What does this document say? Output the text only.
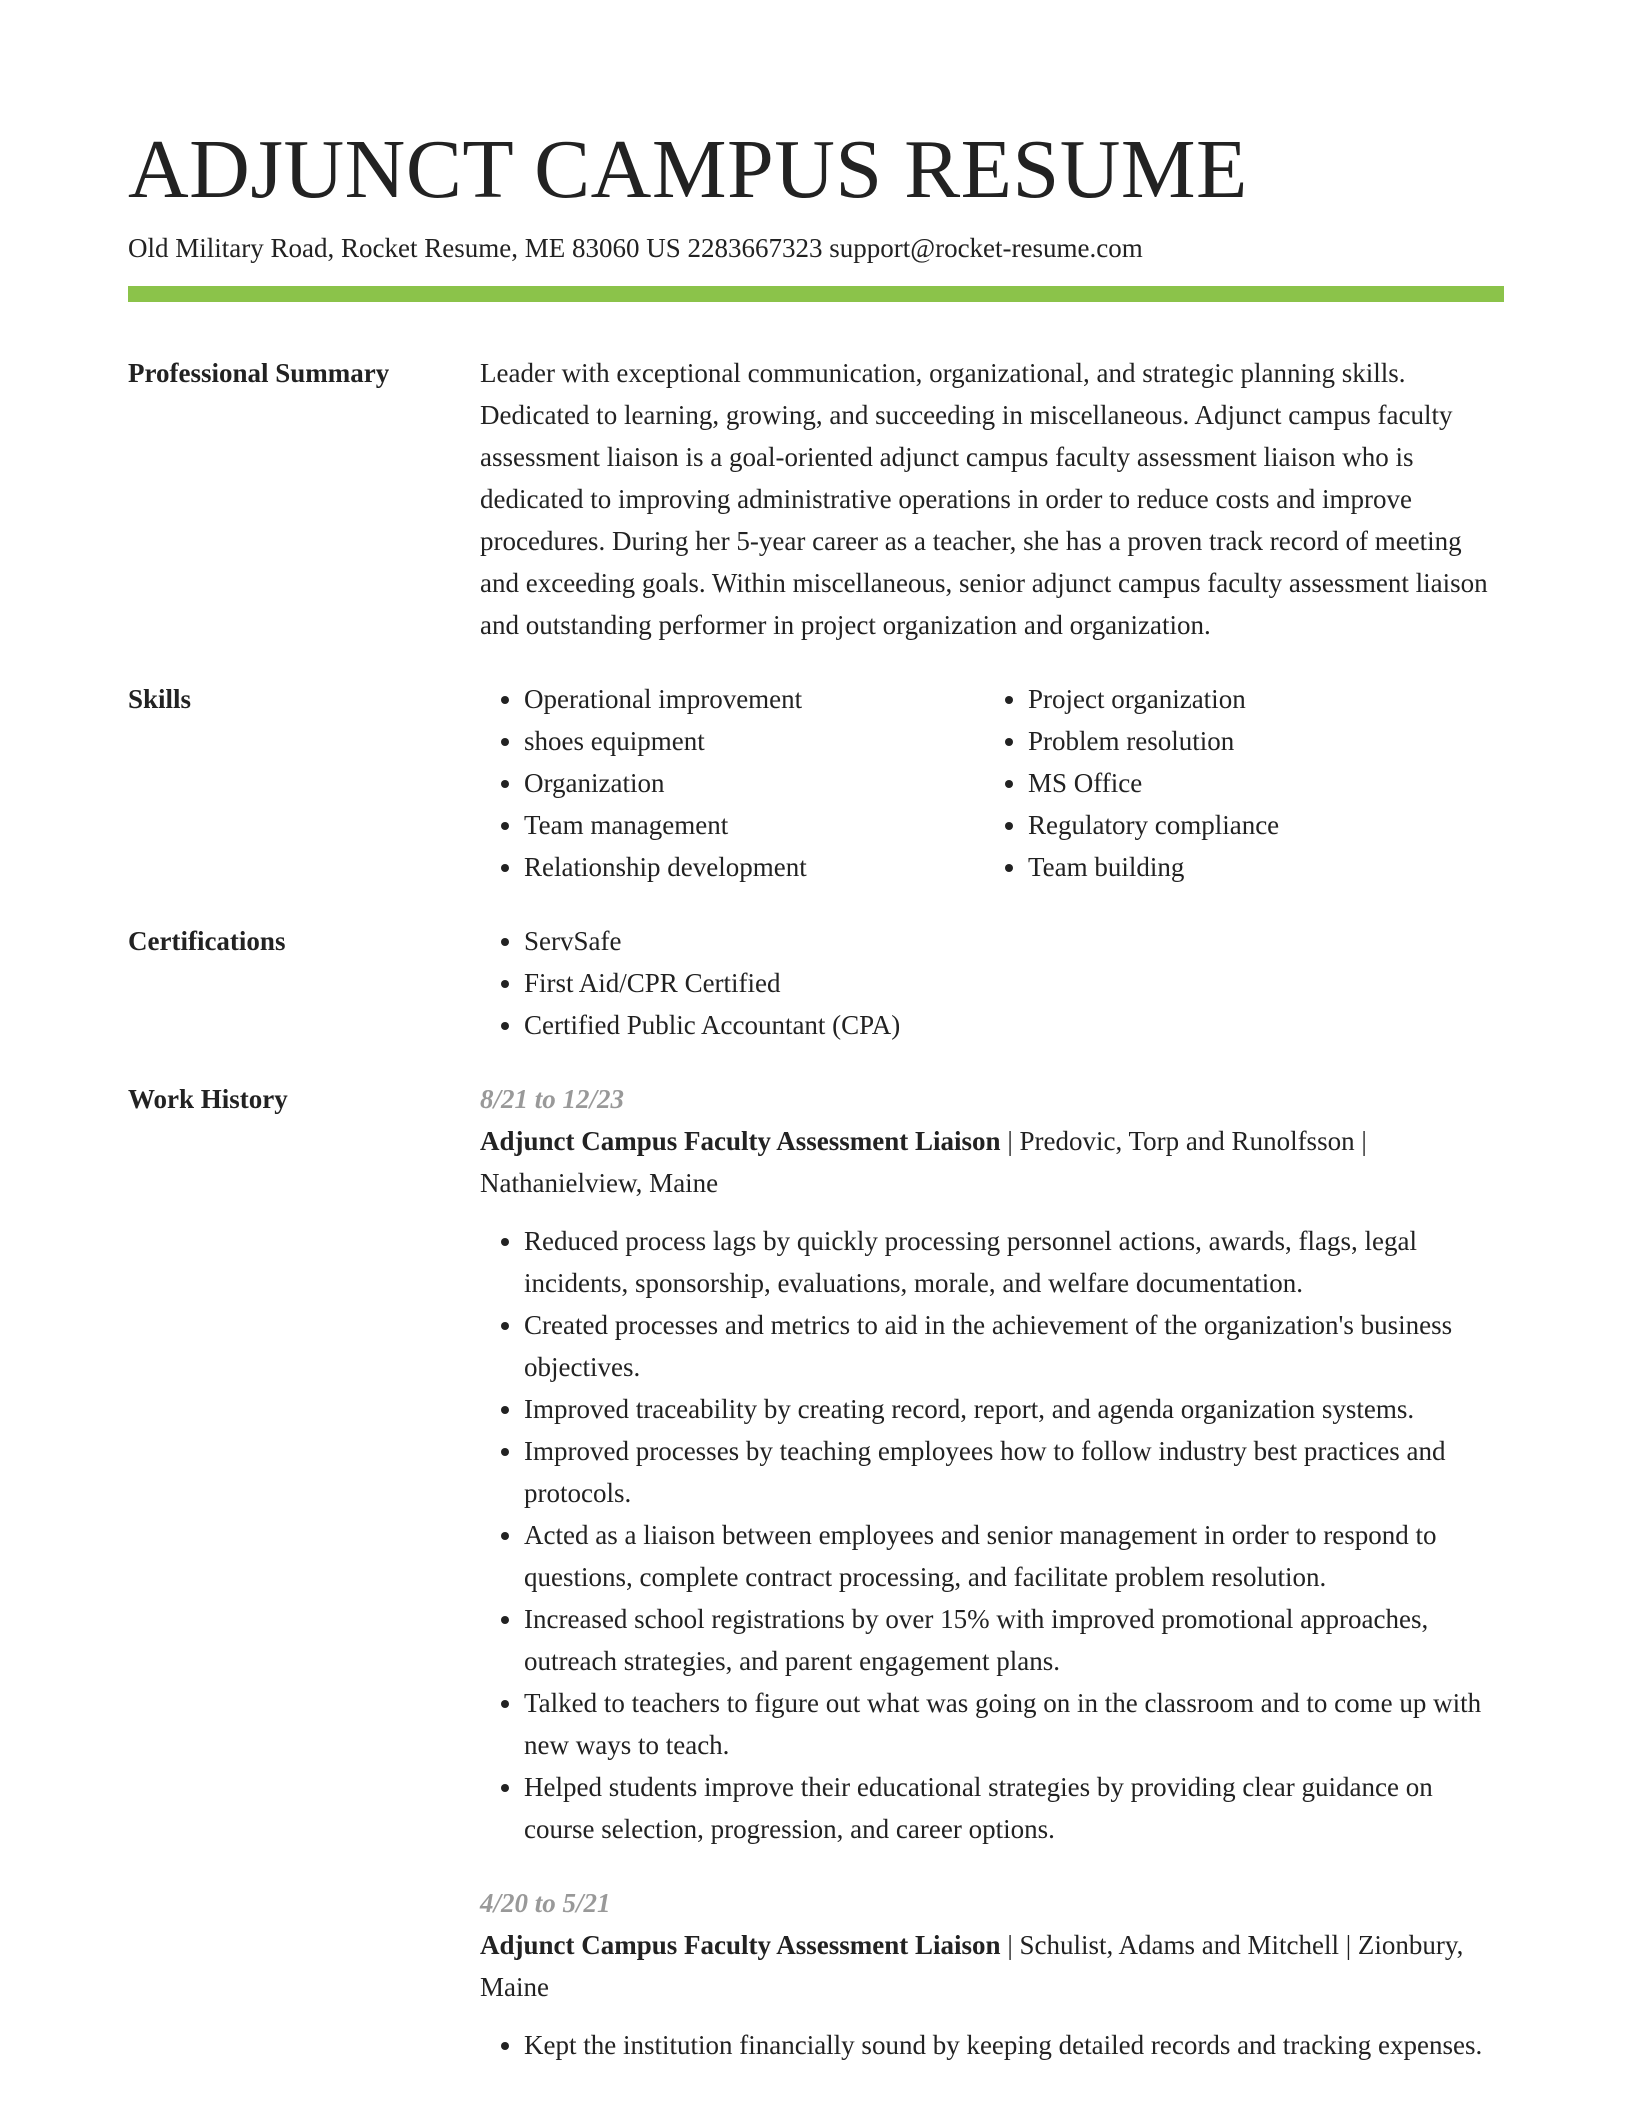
ADJUNCT CAMPUS RESUME
Old Military Road, Rocket Resume, ME 83060 US 2283667323 support@rocket-resume.com
Professional Summary	Leader with exceptional communication, organizational, and strategic planning skills. Dedicated to learning, growing, and succeeding in miscellaneous. Adjunct campus faculty assessment liaison is a goal-oriented adjunct campus faculty assessment liaison who is dedicated to improving administrative operations in order to reduce costs and improve procedures. During her 5-year career as a teacher, she has a proven track record of meeting and exceeding goals. Within miscellaneous, senior adjunct campus faculty assessment liaison and outstanding performer in project organization and organization.
Skills	• Operational improvement
• shoes equipment
• Organization
• Team management
• Relationship development
• Project organization
• Problem resolution
• MS Office
• Regulatory compliance
• Team building
Certifications	• ServSafe
• First Aid/CPR Certified
• Certified Public Accountant (CPA)
Work History	8/21 to 12/23
Adjunct Campus Faculty Assessment Liaison | Predovic, Torp and Runolfsson | Nathanielview, Maine
• Reduced process lags by quickly processing personnel actions, awards, flags, legal incidents, sponsorship, evaluations, morale, and welfare documentation.
• Created processes and metrics to aid in the achievement of the organization's business objectives.
• Improved traceability by creating record, report, and agenda organization systems.
• Improved processes by teaching employees how to follow industry best practices and protocols.
• Acted as a liaison between employees and senior management in order to respond to questions, complete contract processing, and facilitate problem resolution.
• Increased school registrations by over 15% with improved promotional approaches, outreach strategies, and parent engagement plans.
• Talked to teachers to figure out what was going on in the classroom and to come up with new ways to teach.
• Helped students improve their educational strategies by providing clear guidance on course selection, progression, and career options.
4/20 to 5/21
Adjunct Campus Faculty Assessment Liaison | Schulist, Adams and Mitchell | Zionbury, Maine
• Kept the institution financially sound by keeping detailed records and tracking expenses.
